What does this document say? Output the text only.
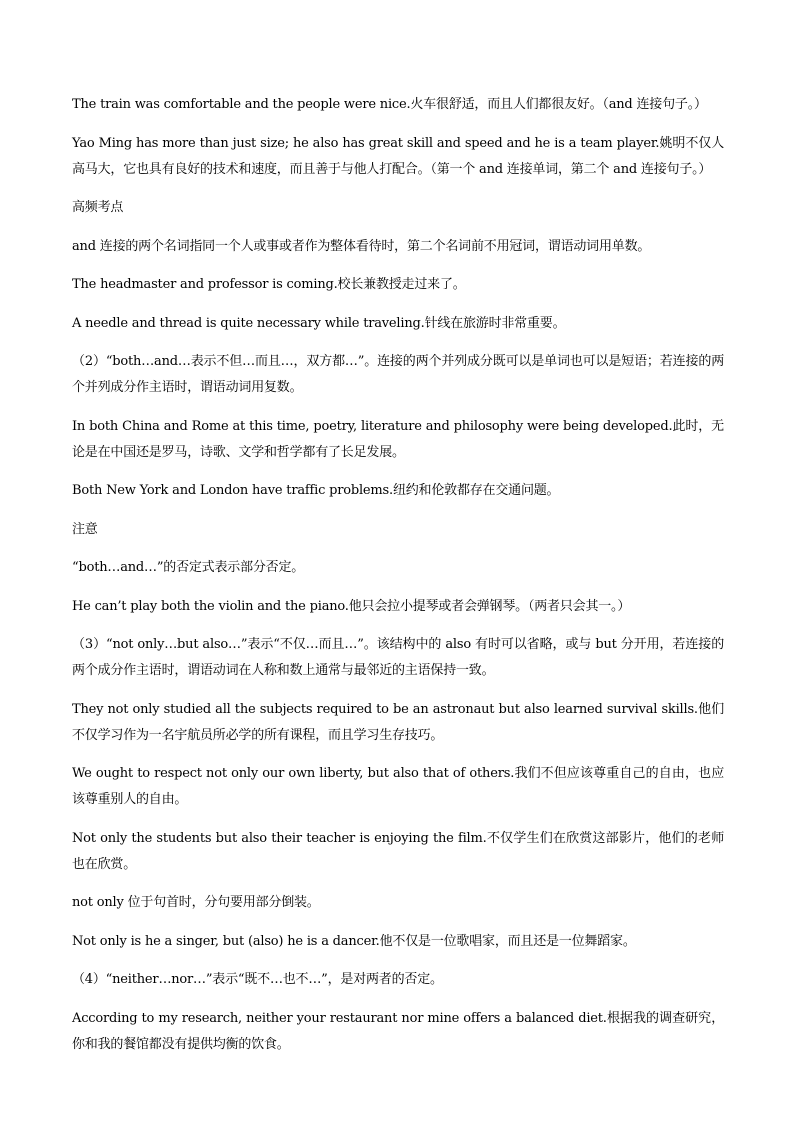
The train was comfortable and the people were nice.火车很舒适，而且人们都很友好。（and 连接句子。）

Yao Ming has more than just size; he also has great skill and speed and he is a team player.姚明不仅人高马大，它也具有良好的技术和速度，而且善于与他人打配合。（第一个 and 连接单词，第二个 and 连接句子。）

高频考点

and 连接的两个名词指同一个人或事或者作为整体看待时，第二个名词前不用冠词，谓语动词用单数。

The headmaster and professor is coming.校长兼教授走过来了。

A needle and thread is quite necessary while traveling.针线在旅游时非常重要。

（2）“both…and…表示不但…而且…，双方都…”。连接的两个并列成分既可以是单词也可以是短语；若连接的两个并列成分作主语时，谓语动词用复数。

In both China and Rome at this time, poetry, literature and philosophy were being developed.此时，无论是在中国还是罗马，诗歌、文学和哲学都有了长足发展。

Both New York and London have traffic problems.纽约和伦敦都存在交通问题。

注意

“both…and…”的否定式表示部分否定。

He can’t play both the violin and the piano.他只会拉小提琴或者会弹钢琴。（两者只会其一。）

（3）“not only…but also…”表示“不仅…而且…”。该结构中的 also 有时可以省略，或与 but 分开用，若连接的两个成分作主语时，谓语动词在人称和数上通常与最邻近的主语保持一致。

They not only studied all the subjects required to be an astronaut but also learned survival skills.他们不仅学习作为一名宇航员所必学的所有课程，而且学习生存技巧。

We ought to respect not only our own liberty, but also that of others.我们不但应该尊重自己的自由，也应该尊重别人的自由。

Not only the students but also their teacher is enjoying the film.不仅学生们在欣赏这部影片，他们的老师也在欣赏。

not only 位于句首时，分句要用部分倒装。

Not only is he a singer, but (also) he is a dancer.他不仅是一位歌唱家，而且还是一位舞蹈家。

（4）“neither…nor…”表示“既不…也不…”，是对两者的否定。

According to my research, neither your restaurant nor mine offers a balanced diet.根据我的调查研究，你和我的餐馆都没有提供均衡的饮食。
